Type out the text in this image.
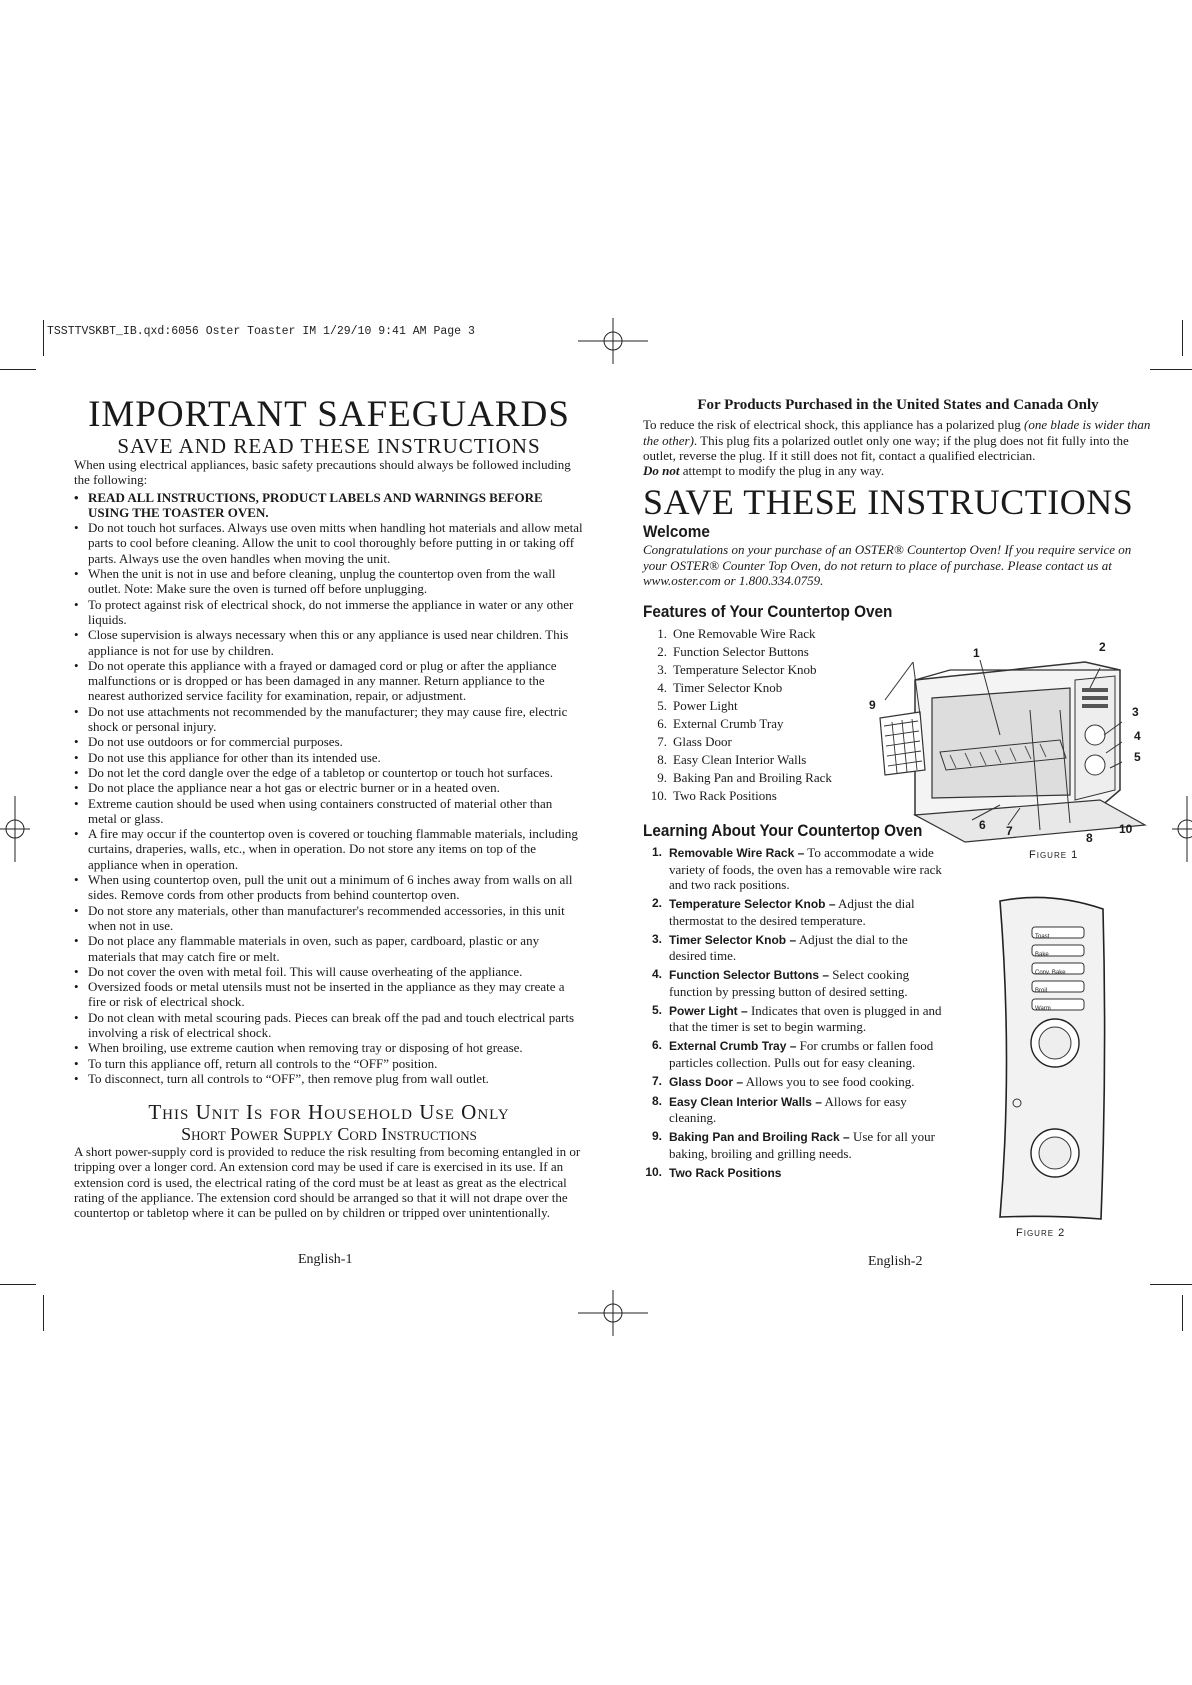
TSSTTVSKBT_IB.qxd:6056 Oster Toaster IM 1/29/10 9:41 AM Page 3
IMPORTANT SAFEGUARDS

SAVE AND READ THESE INSTRUCTIONS

When using electrical appliances, basic safety precautions should always be followed including the following:

• READ ALL INSTRUCTIONS, PRODUCT LABELS AND WARNINGS BEFORE USING THE TOASTER OVEN.
• Do not touch hot surfaces. Always use oven mitts when handling hot materials and allow metal parts to cool before cleaning. Allow the unit to cool thoroughly before putting in or taking off parts. Always use the oven handles when moving the unit.
• When the unit is not in use and before cleaning, unplug the countertop oven from the wall outlet. Note: Make sure the oven is turned off before unplugging.
• To protect against risk of electrical shock, do not immerse the appliance in water or any other liquids.
• Close supervision is always necessary when this or any appliance is used near children. This appliance is not for use by children.
• Do not operate this appliance with a frayed or damaged cord or plug or after the appliance malfunctions or is dropped or has been damaged in any manner. Return appliance to the nearest authorized service facility for examination, repair, or adjustment.
• Do not use attachments not recommended by the manufacturer; they may cause fire, electric shock or personal injury.
• Do not use outdoors or for commercial purposes.
• Do not use this appliance for other than its intended use.
• Do not let the cord dangle over the edge of a tabletop or countertop or touch hot surfaces.
• Do not place the appliance near a hot gas or electric burner or in a heated oven.
• Extreme caution should be used when using containers constructed of material other than metal or glass.
• A fire may occur if the countertop oven is covered or touching flammable materials, including curtains, draperies, walls, etc., when in operation. Do not store any items on top of the appliance when in operation.
• When using countertop oven, pull the unit out a minimum of 6 inches away from walls on all sides. Remove cords from other products from behind countertop oven.
• Do not store any materials, other than manufacturer's recommended accessories, in this unit when not in use.
• Do not place any flammable materials in oven, such as paper, cardboard, plastic or any materials that may catch fire or melt.
• Do not cover the oven with metal foil. This will cause overheating of the appliance.
• Oversized foods or metal utensils must not be inserted in the appliance as they may create a fire or risk of electrical shock.
• Do not clean with metal scouring pads. Pieces can break off the pad and touch electrical parts involving a risk of electrical shock.
• When broiling, use extreme caution when removing tray or disposing of hot grease.
• To turn this appliance off, return all controls to the “OFF” position.
• To disconnect, turn all controls to “OFF”, then remove plug from wall outlet.

This Unit Is for Household Use Only

Short Power Supply Cord Instructions

A short power-supply cord is provided to reduce the risk resulting from becoming entangled in or tripping over a longer cord. An extension cord may be used if care is exercised in its use. If an extension cord is used, the electrical rating of the cord must be at least as great as the electrical rating of the appliance. The extension cord should be arranged so that it will not drape over the countertop or tabletop where it can be pulled on by children or tripped over unintentionally.

English-1

For Products Purchased in the United States and Canada Only

To reduce the risk of electrical shock, this appliance has a polarized plug (one blade is wider than the other). This plug fits a polarized outlet only one way; if the plug does not fit fully into the outlet, reverse the plug. If it still does not fit, contact a qualified electrician.
Do not attempt to modify the plug in any way.

SAVE THESE INSTRUCTIONS
Welcome

Congratulations on your purchase of an OSTER® Countertop Oven! If you require service on your OSTER® Counter Top Oven, do not return to place of purchase. Please contact us at www.oster.com or 1.800.334.0759.

Features of Your Countertop Oven
1. One Removable Wire Rack
2. Function Selector Buttons
3. Temperature Selector Knob
4. Timer Selector Knob
5. Power Light
6. External Crumb Tray
7. Glass Door
8. Easy Clean Interior Walls
9. Baking Pan and Broiling Rack
10. Two Rack Positions
Learning About Your Countertop Oven
1. Removable Wire Rack – To accommodate a wide variety of foods, the oven has a removable wire rack and two rack positions.
2. Temperature Selector Knob – Adjust the dial thermostat to the desired temperature.
3. Timer Selector Knob – Adjust the dial to the desired time.
4. Function Selector Buttons – Select cooking function by pressing button of desired setting.
5. Power Light – Indicates that oven is plugged in and that the timer is set to begin warming.
6. External Crumb Tray – For crumbs or fallen food particles collection. Pulls out for easy cleaning.
7. Glass Door – Allows you to see food cooking.
8. Easy Clean Interior Walls – Allows for easy cleaning.
9. Baking Pan and Broiling Rack – Use for all your baking, broiling and grilling needs.
10. Two Rack Positions
1	2
3
4
5
6 7	8
9
10
Figure 1
Toast
Bake
Conv. Bake
Broil
Warm
Figure 2
English-2
